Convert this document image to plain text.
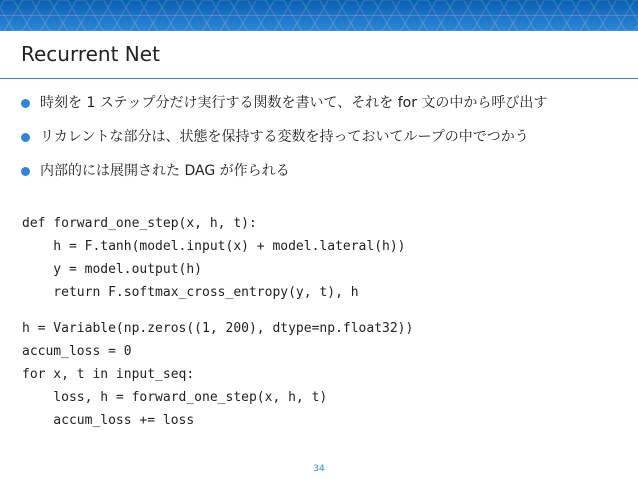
Recurrent Net
時刻を 1 ステップ分だけ実行する関数を書いて、それを for 文の中から呼び出す
リカレントな部分は、状態を保持する変数を持っておいてループの中でつかう
内部的には展開された DAG が作られる
def forward_one_step(x, h, t):
h = F.tanh(model.input(x) + model.lateral(h))
y = model.output(h)
return F.softmax_cross_entropy(y, t), h
h = Variable(np.zeros((1, 200), dtype=np.float32))
accum_loss = 0
for x, t in input_seq:
loss, h = forward_one_step(x, h, t)
accum_loss += loss
34
